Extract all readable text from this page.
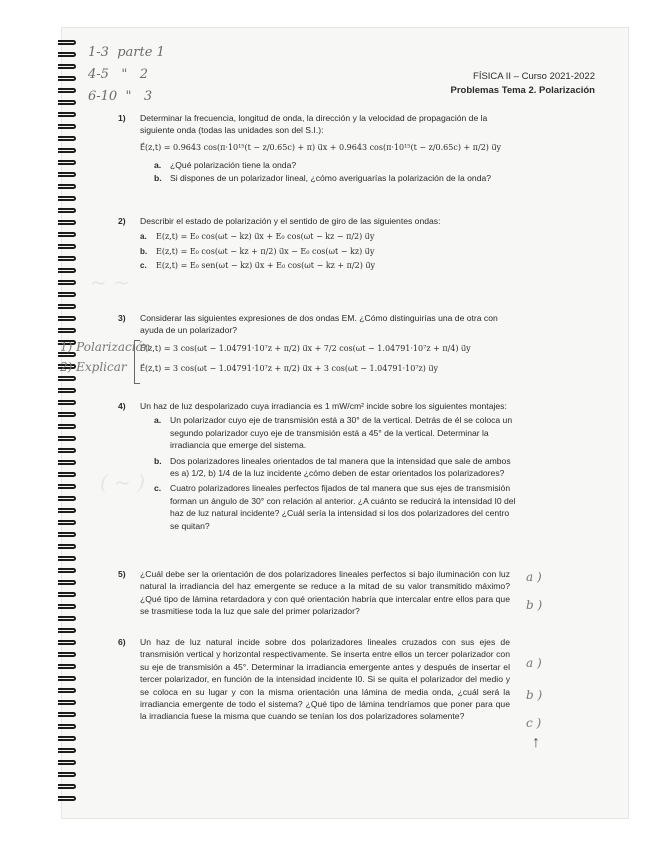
~ ~
( ~ )
1-3  parte 1
4-5   "   2
6-10  "   3
FÍSICA II – Curso 2021-2022
Problemas Tema 2. Polarización
1) Determinar la frecuencia, longitud de onda, la dirección y la velocidad de propagación de la siguiente onda (todas las unidades son del S.I.):
E⃗(z,t) = 0.9643 cos(π·10¹⁵(t − z/0.65c) + π) u⃗x + 0.9643 cos(π·10¹⁵(t − z/0.65c) + π/2) u⃗y
a. ¿Qué polarización tiene la onda?
b. Si dispones de un polarizador lineal, ¿cómo averiguarías la polarización de la onda?
2) Describir el estado de polarización y el sentido de giro de las siguientes ondas:
a. E(z,t) = E₀ cos(ωt − kz) u⃗x + E₀ cos(ωt − kz − π/2) u⃗y
b. E(z,t) = E₀ cos(ωt − kz + π/2) u⃗x − E₀ cos(ωt − kz) u⃗y
c. E(z,t) = E₀ sen(ωt − kz) u⃗x + E₀ cos(ωt − kz + π/2) u⃗y
3) Considerar las siguientes expresiones de dos ondas EM. ¿Cómo distinguirías una de otra con ayuda de un polarizador?
E⃗(z,t) = 3 cos(ωt − 1.04791·10⁷z + π/2) u⃗x + 7/2 cos(ωt − 1.04791·10⁷z + π/4) u⃗y
E⃗(z,t) = 3 cos(ωt − 1.04791·10⁷z + π/2) u⃗x + 3 cos(ωt − 1.04791·10⁷z) u⃗y
1) Polarización
2) Explicar
4) Un haz de luz despolarizado cuya irradiancia es 1 mW/cm² incide sobre los siguientes montajes:
a. Un polarizador cuyo eje de transmisión está a 30° de la vertical. Detrás de él se coloca un segundo polarizador cuyo eje de transmisión está a 45° de la vertical. Determinar la irradiancia que emerge del sistema.
b. Dos polarizadores lineales orientados de tal manera que la intensidad que sale de ambos es a) 1/2, b) 1/4 de la luz incidente ¿cómo deben de estar orientados los polarizadores?
c. Cuatro polarizadores lineales perfectos fijados de tal manera que sus ejes de transmisión forman un ángulo de 30° con relación al anterior. ¿A cuánto se reducirá la intensidad I0 del haz de luz natural incidente? ¿Cuál sería la intensidad si los dos polarizadores del centro se quitan?
5) ¿Cuál debe ser la orientación de dos polarizadores lineales perfectos si bajo iluminación con luz natural la irradiancia del haz emergente se reduce a la mitad de su valor transmitido máximo? ¿Qué tipo de lámina retardadora y con qué orientación habría que intercalar entre ellos para que se trasmitiese toda la luz que sale del primer polarizador?
a )
b )
6) Un haz de luz natural incide sobre dos polarizadores lineales cruzados con sus ejes de transmisión vertical y horizontal respectivamente. Se inserta entre ellos un tercer polarizador con su eje de transmisión a 45°. Determinar la irradiancia emergente antes y después de insertar el tercer polarizador, en función de la intensidad incidente I0. Si se quita el polarizador del medio y se coloca en su lugar y con la misma orientación una lámina de media onda, ¿cuál será la irradiancia emergente de todo el sistema? ¿Qué tipo de lámina tendríamos que poner para que la irradiancia fuese la misma que cuando se tenían los dos polarizadores solamente?
a )
b )
c )
↑
